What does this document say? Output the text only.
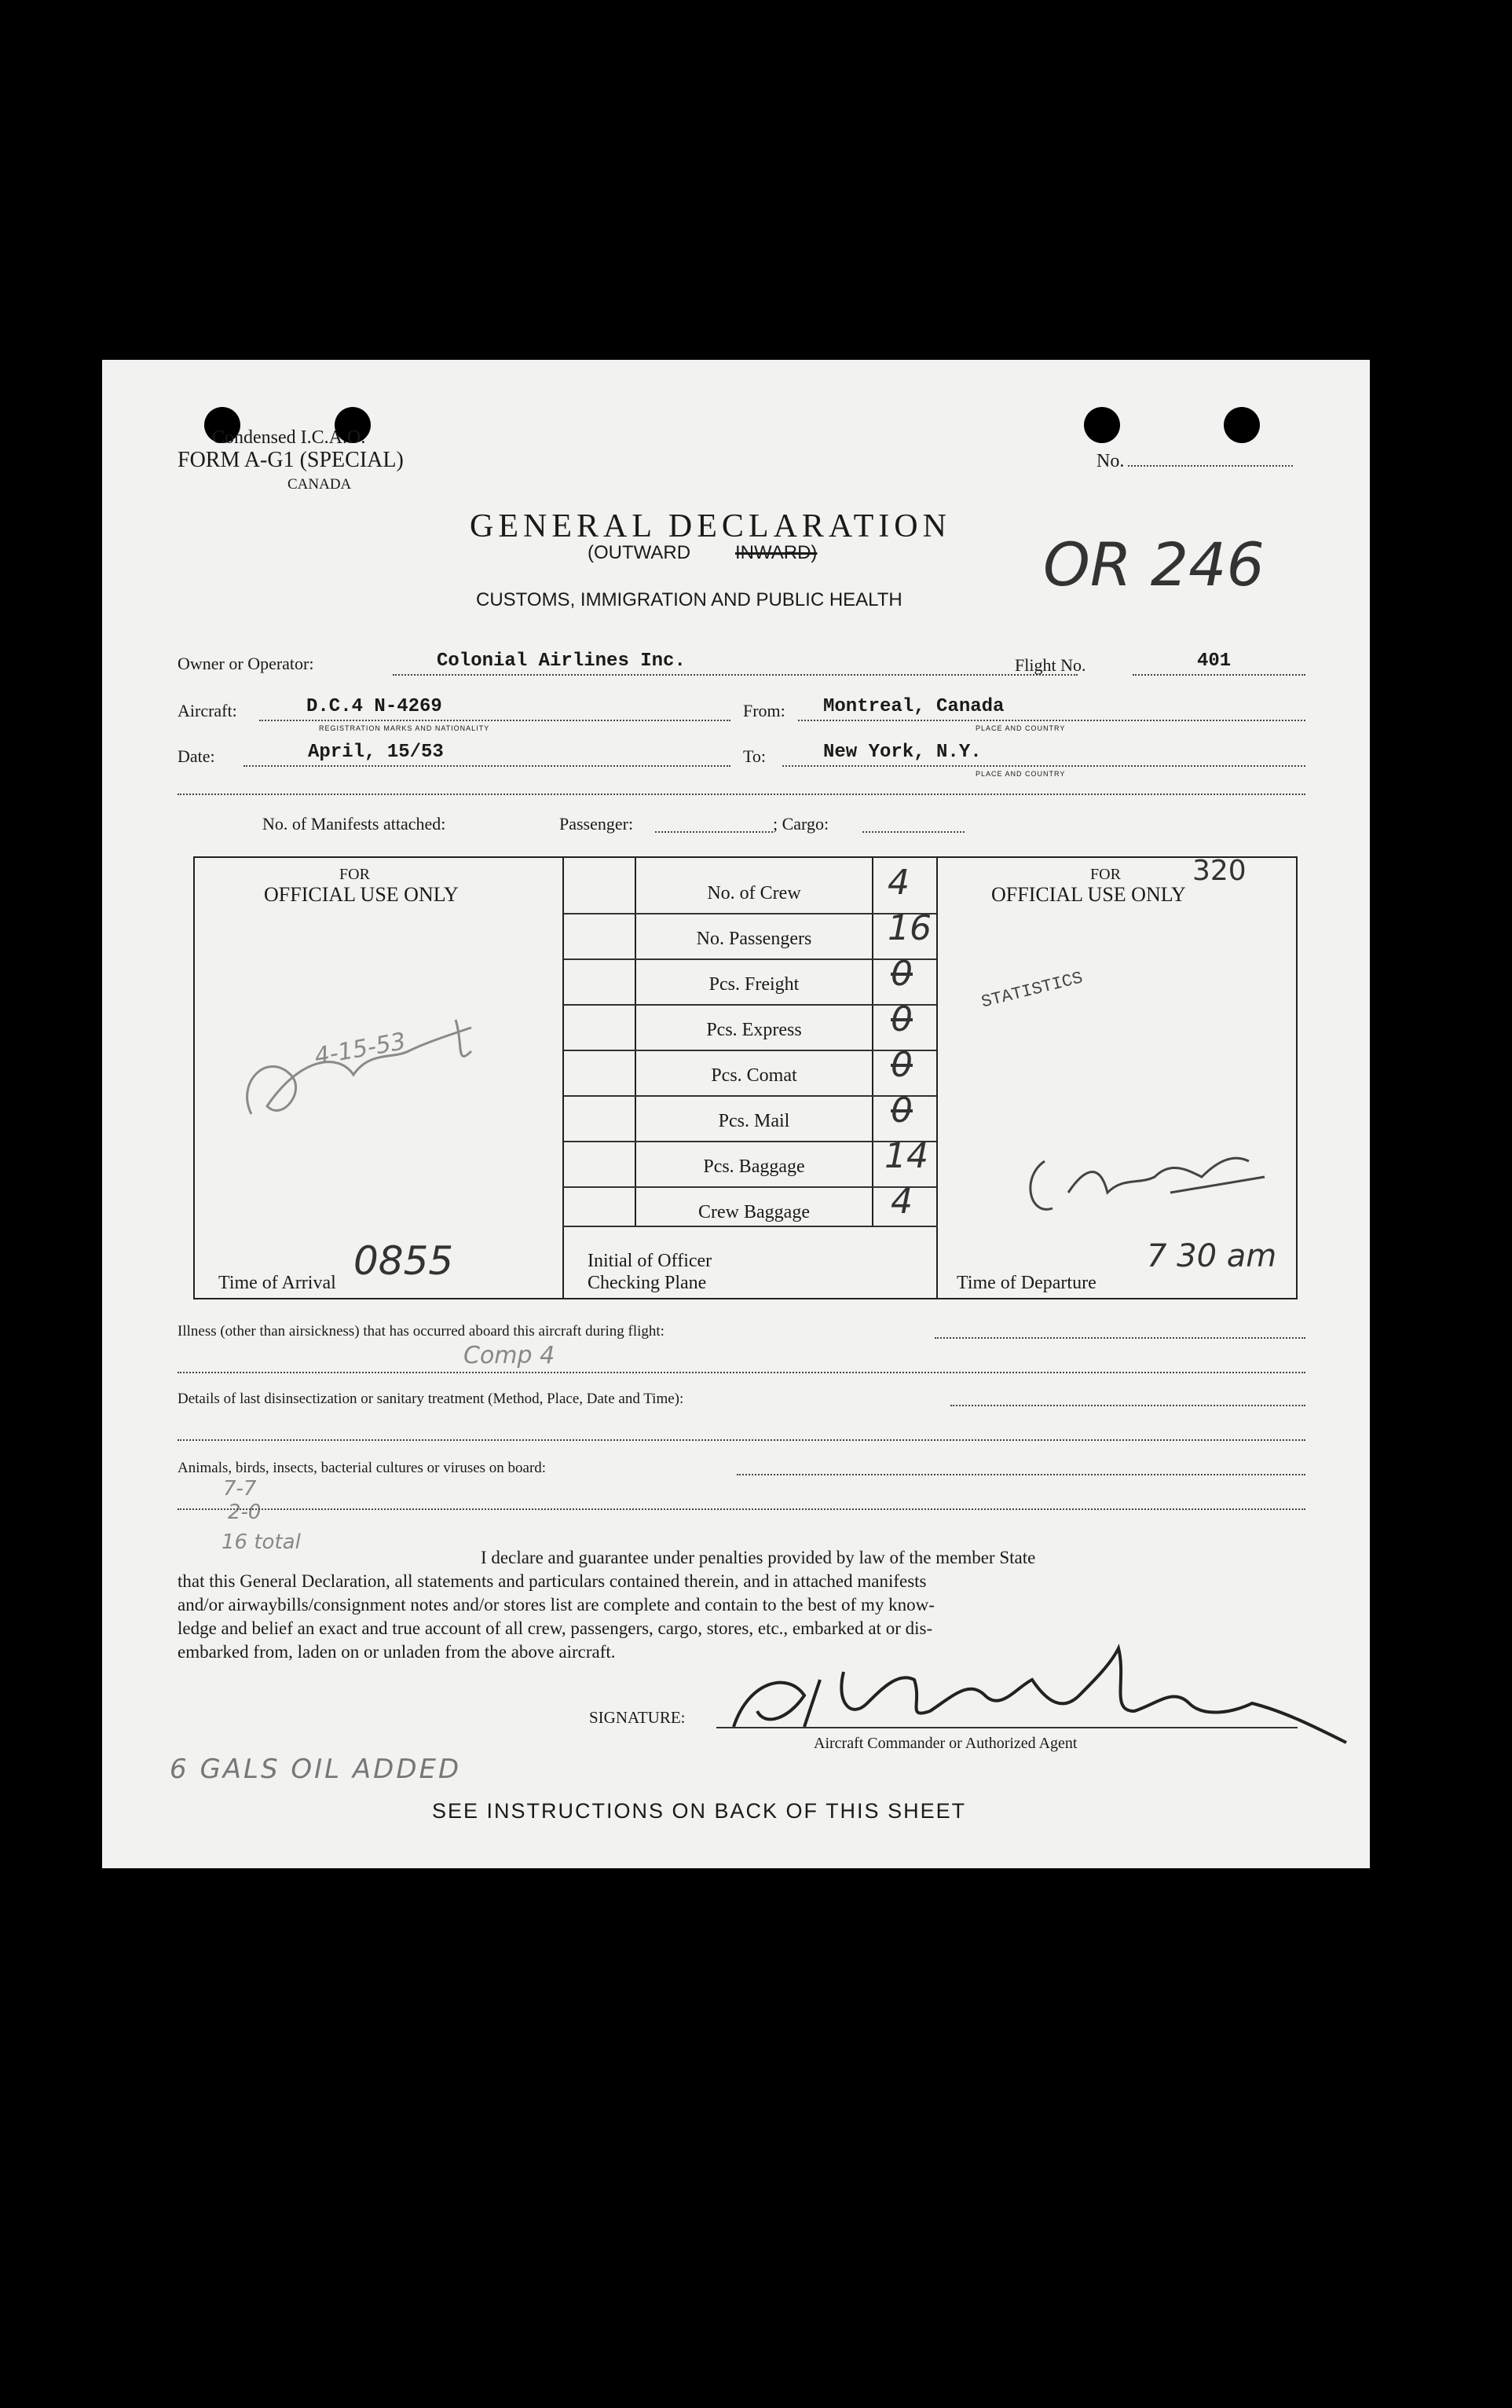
Condensed I.C.A.O.
FORM A-G1 (SPECIAL)
CANADA
No.
GENERAL DECLARATION
(OUTWARD INWARD)
CUSTOMS, IMMIGRATION AND PUBLIC HEALTH
OR 246
Owner or Operator:	Colonial Airlines Inc.	Flight No.	401
Aircraft:	D.C.4 N-4269
REGISTRATION MARKS AND NATIONALITY
From: Montreal, Canada
PLACE AND COUNTRY
Date:	April, 15/53	To:	New York, N.Y.
PLACE AND COUNTRY
No. of Manifests attached:	Passenger:	; Cargo:
FOR
OFFICIAL USE ONLY
FOR	320
OFFICIAL USE ONLY
STATISTICS
No. of Crew	4
No. Passengers	16
Pcs. Freight	0
Pcs. Express	0
Pcs. Comat	0
Pcs. Mail	0
Pcs. Baggage	14
Crew Baggage	4
4-15-53
Time of Arrival 0855	Initial of Officer
Checking Plane	Time of Departure
7 30 am
Illness (other than airsickness) that has occurred aboard this aircraft during flight:
Comp 4
Details of last disinsectization or sanitary treatment (Method, Place, Date and Time):
Animals, birds, insects, bacterial cultures or viruses on board:
7-7
2-0
16 total
I declare and guarantee under penalties provided by law of the member State
that this General Declaration, all statements and particulars contained therein, and in attached manifests
and/or airwaybills/consignment notes and/or stores list are complete and contain to the best of my know-
ledge and belief an exact and true account of all crew, passengers, cargo, stores, etc., embarked at or dis-
embarked from, laden on or unladen from the above aircraft.
SIGNATURE:
Aircraft Commander or Authorized Agent
6 GALS OIL ADDED
SEE INSTRUCTIONS ON BACK OF THIS SHEET
